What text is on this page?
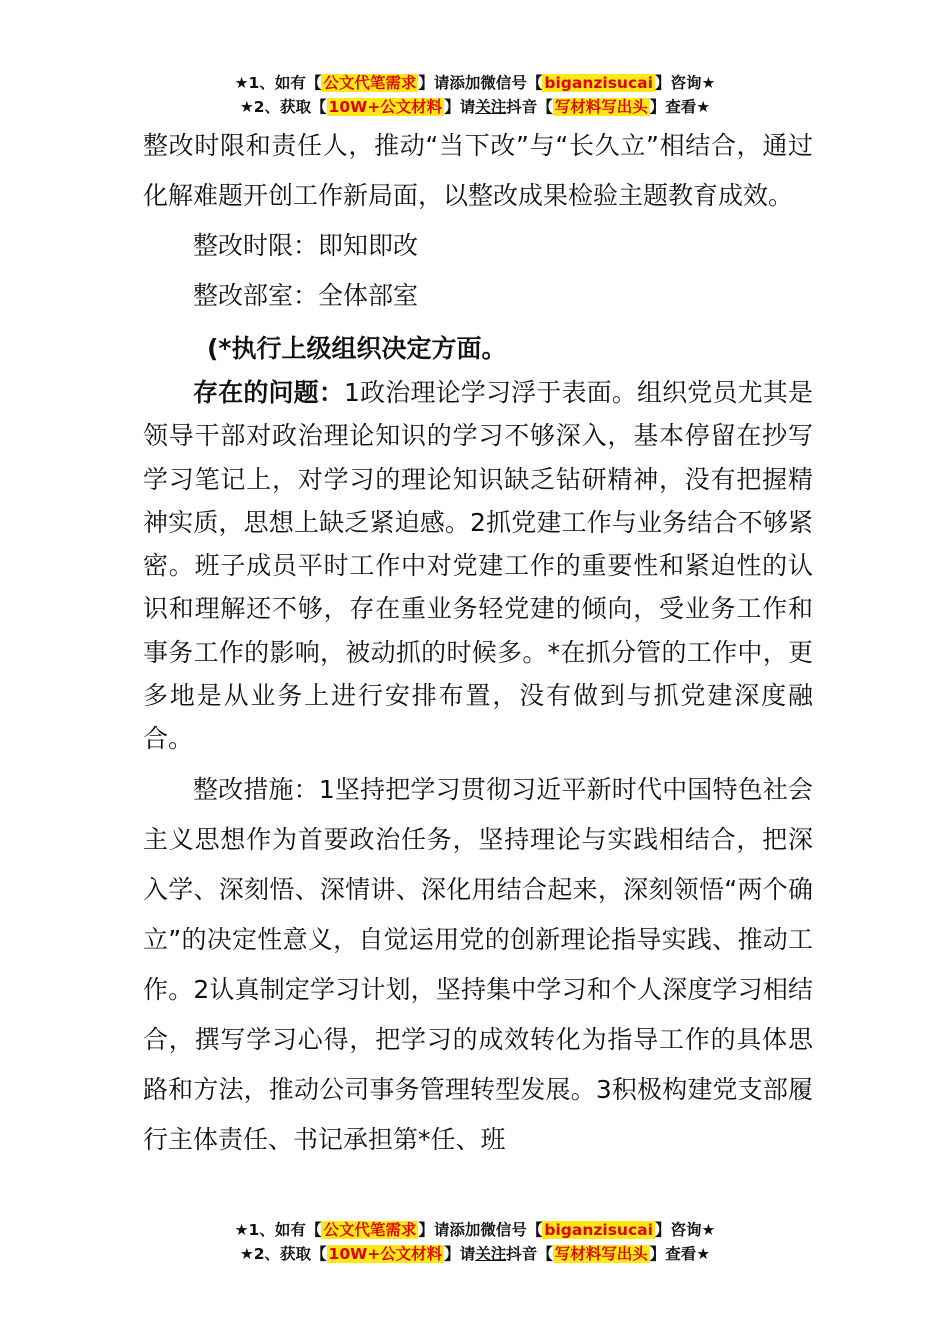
★1、如有【 公文代笔需求 】请添加微信号【 biganzisucai 】咨询★
★2、获取【 10W+公文材料 】请关注抖音【 写材料写出头 】查看★

整改时限和责任人，推动“当下改”与“长久立”相结合，通过化解难题开创工作新局面，以整改成果检验主题教育成效。

整改时限：即知即改

整改部室：全体部室

(*执行上级组织决定方面。

存在的问题：1政治理论学习浮于表面。组织党员尤其是领导干部对政治理论知识的学习不够深入，基本停留在抄写学习笔记上，对学习的理论知识缺乏钻研精神，没有把握精神实质，思想上缺乏紧迫感。2抓党建工作与业务结合不够紧密。班子成员平时工作中对党建工作的重要性和紧迫性的认识和理解还不够，存在重业务轻党建的倾向，受业务工作和事务工作的影响，被动抓的时候多。*在抓分管的工作中，更多地是从业务上进行安排布置，没有做到与抓党建深度融合。

整改措施：1坚持把学习贯彻习近平新时代中国特色社会主义思想作为首要政治任务，坚持理论与实践相结合，把深入学、深刻悟、深情讲、深化用结合起来，深刻领悟“两个确立”的决定性意义，自觉运用党的创新理论指导实践、推动工作。2认真制定学习计划，坚持集中学习和个人深度学习相结合，撰写学习心得，把学习的成效转化为指导工作的具体思路和方法，推动公司事务管理转型发展。3积极构建党支部履行主体责任、书记承担第*任、班

★1、如有【 公文代笔需求 】请添加微信号【 biganzisucai 】咨询★
★2、获取【 10W+公文材料 】请关注抖音【 写材料写出头 】查看★
